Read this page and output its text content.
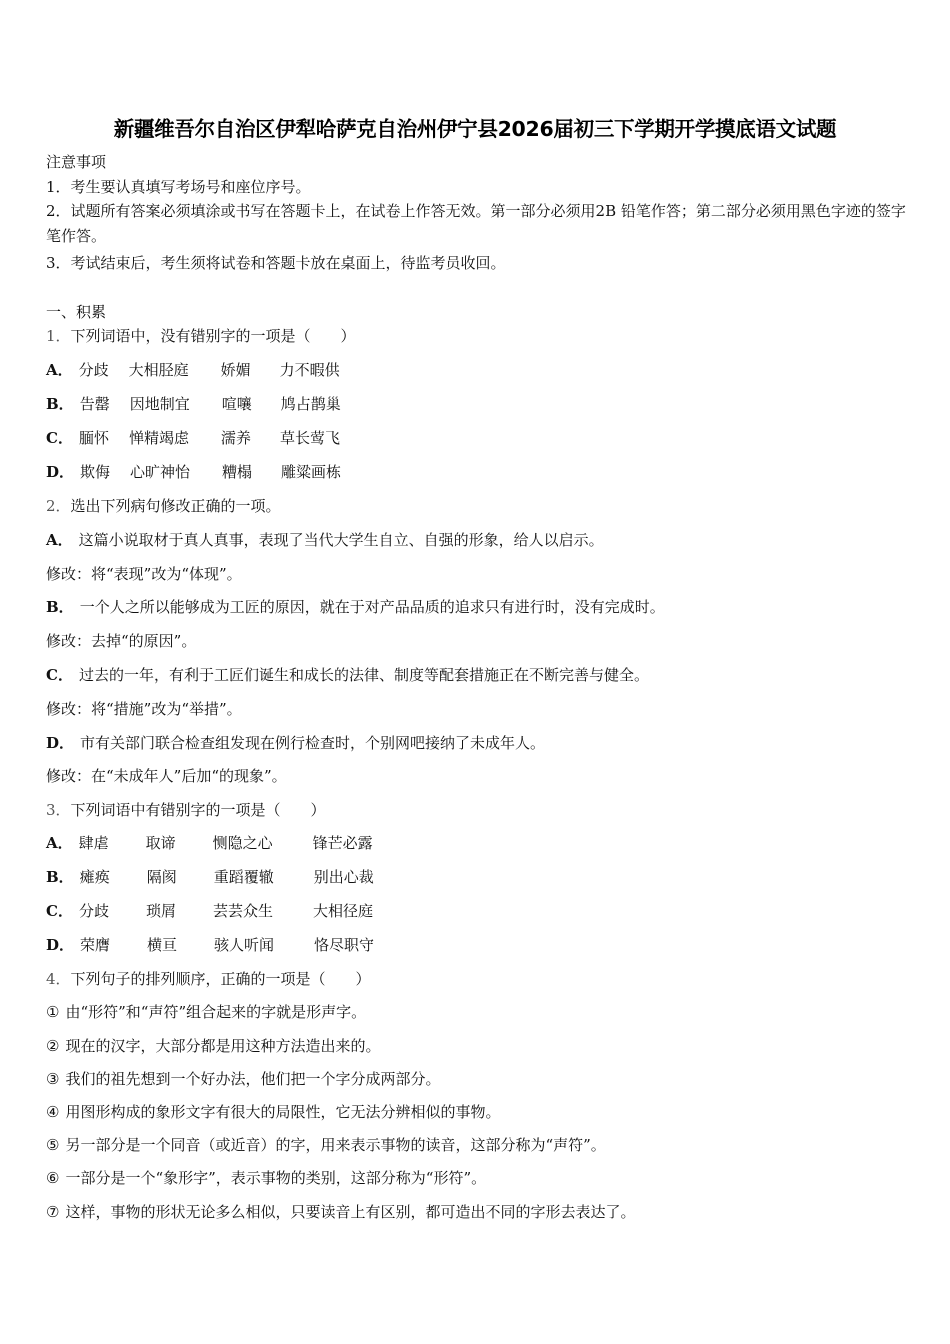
新疆维吾尔自治区伊犁哈萨克自治州伊宁县2026届初三下学期开学摸底语文试题
注意事项
1．考生要认真填写考场号和座位序号。
2．试题所有答案必须填涂或书写在答题卡上，在试卷上作答无效。第一部分必须用2B 铅笔作答；第二部分必须用黑色字迹的签字笔作答。
3．考试结束后，考生须将试卷和答题卡放在桌面上，待监考员收回。
一、积累
1．下列词语中，没有错别字的一项是（　　）
A． 分歧 大相胫庭 娇媚 力不暇供
B． 告罄 因地制宜 喧嚷 鸠占鹊巢
C． 腼怀 惮精竭虑 濡养 草长莺飞
D． 欺侮 心旷神怡 糟榻 雕粱画栋
2．选出下列病句修改正确的一项。
A． 这篇小说取材于真人真事，表现了当代大学生自立、自强的形象，给人以启示。
修改：将“表现”改为“体现”。
B． 一个人之所以能够成为工匠的原因，就在于对产品品质的追求只有进行时，没有完成时。
修改：去掉“的原因”。
C． 过去的一年，有利于工匠们诞生和成长的法律、制度等配套措施正在不断完善与健全。
修改：将“措施”改为“举措”。
D． 市有关部门联合检查组发现在例行检查时，个别网吧接纳了未成年人。
修改：在“未成年人”后加“的现象”。
3．下列词语中有错别字的一项是（　　）
A． 肆虐 取谛 恻隐之心	锋芒必露
B． 瘫痪 隔阂 重蹈覆辙	别出心裁
C． 分歧 琐屑 芸芸众生	大相径庭
D． 荣膺 横亘 骇人听闻	恪尽职守
4．下列句子的排列顺序，正确的一项是（　　）
① 由“形符”和“声符”组合起来的字就是形声字。
② 现在的汉字，大部分都是用这种方法造出来的。
③ 我们的祖先想到一个好办法，他们把一个字分成两部分。
④ 用图形构成的象形文字有很大的局限性，它无法分辨相似的事物。
⑤ 另一部分是一个同音（或近音）的字，用来表示事物的读音，这部分称为“声符”。
⑥ 一部分是一个“象形字”，表示事物的类别，这部分称为“形符”。
⑦ 这样，事物的形状无论多么相似，只要读音上有区别，都可造出不同的字形去表达了。
